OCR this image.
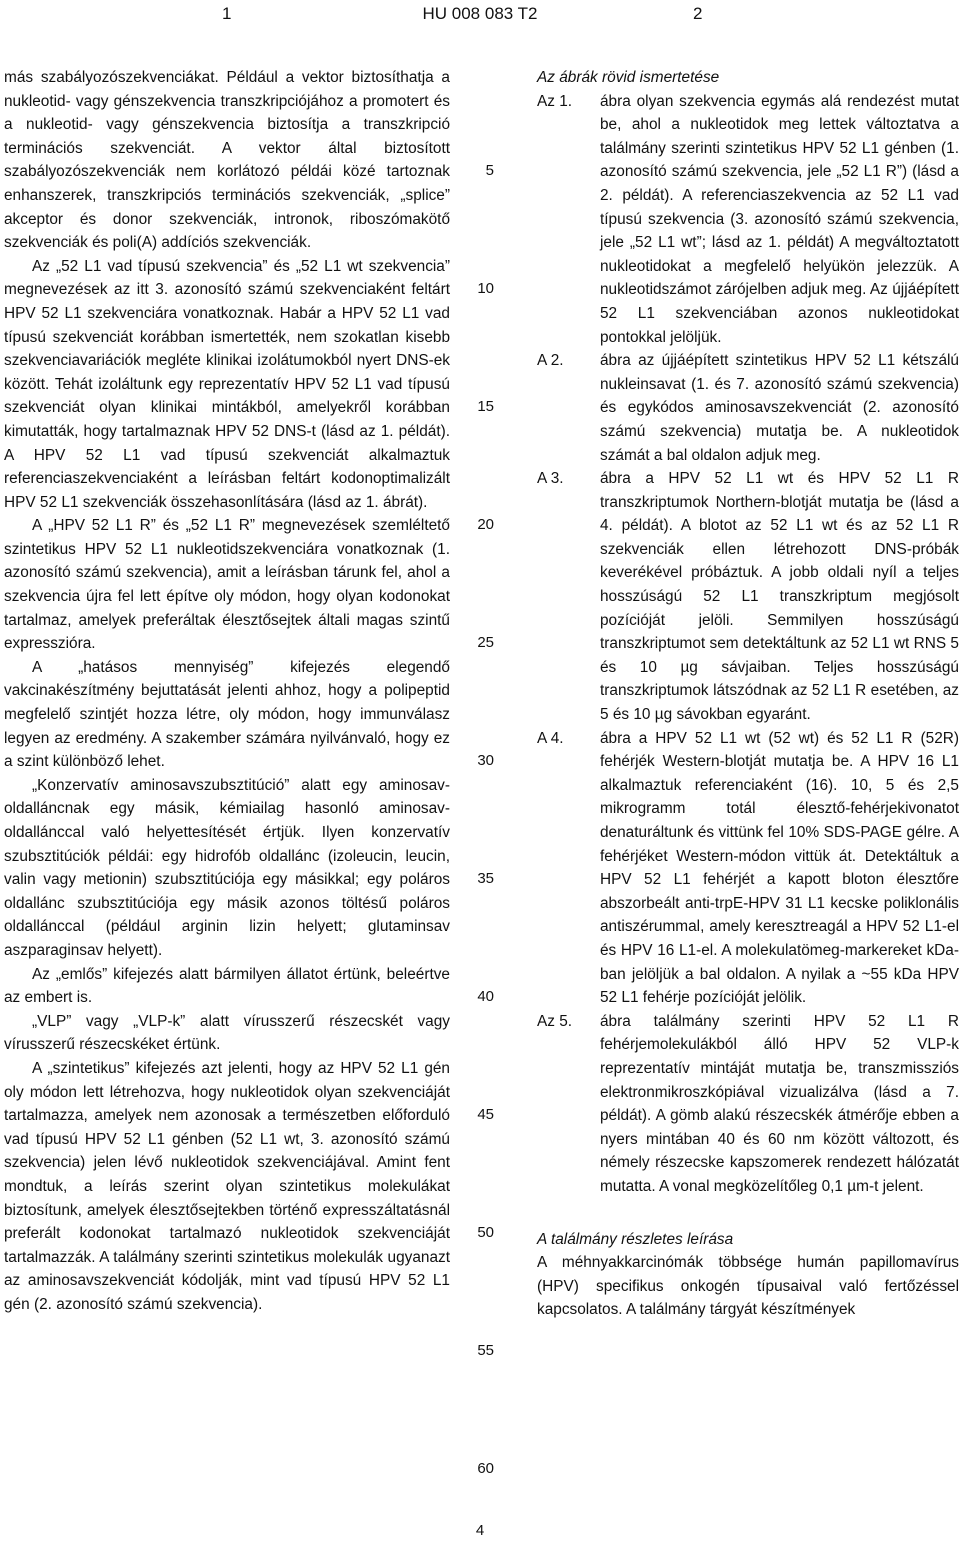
1	HU 008 083 T2	2

más szabályozószekvenciákat. Például a vektor biztosíthatja a nukleotid- vagy génszekvencia transzkripciójához a promotert és a nukleotid- vagy génszekvencia biztosítja a transzkripció terminációs szekvenciát. A vektor által biztosított szabályozószekvenciák nem korlátozó példái közé tartoznak enhanszerek, transzkripciós terminációs szekvenciák, „splice” akceptor és donor szekvenciák, intronok, riboszómakötő szekvenciák és poli(A) addíciós szekvenciák.

Az „52 L1 vad típusú szekvencia” és „52 L1 wt szekvencia” megnevezések az itt 3. azonosító számú szekvenciaként feltárt HPV 52 L1 szekvenciára vonatkoznak. Habár a HPV 52 L1 vad típusú szekvenciát korábban ismertették, nem szokatlan kisebb szekvenciavariációk megléte klinikai izolátumokból nyert DNS-ek között. Tehát izoláltunk egy reprezentatív HPV 52 L1 vad típusú szekvenciát olyan klinikai mintákból, amelyekről korábban kimutatták, hogy tartalmaznak HPV 52 DNS-t (lásd az 1. példát). A HPV 52 L1 vad típusú szekvenciát alkalmaztuk referenciaszekvenciaként a leírásban feltárt kodonoptimalizált HPV 52 L1 szekvenciák összehasonlítására (lásd az 1. ábrát).

A „HPV 52 L1 R” és „52 L1 R” megnevezések szemléltető szintetikus HPV 52 L1 nukleotidszekvenciára vonatkoznak (1. azonosító számú szekvencia), amit a leírásban tárunk fel, ahol a szekvencia újra fel lett építve oly módon, hogy olyan kodonokat tartalmaz, amelyek preferáltak élesztősejtek általi magas szintű expresszióra.

A „hatásos mennyiség” kifejezés elegendő vakcinakészítmény bejuttatását jelenti ahhoz, hogy a polipeptid megfelelő szintjét hozza létre, oly módon, hogy immunválasz legyen az eredmény. A szakember számára nyilvánvaló, hogy ez a szint különböző lehet.

„Konzervatív aminosavszubsztitúció” alatt egy aminosav-oldalláncnak egy másik, kémiailag hasonló aminosav-oldallánccal való helyettesítését értjük. Ilyen konzervatív szubsztitúciók példái: egy hidrofób oldallánc (izoleucin, leucin, valin vagy metionin) szubsztitúciója egy másikkal; egy poláros oldallánc szubsztitúciója egy másik azonos töltésű poláros oldallánccal (például arginin lizin helyett; glutaminsav aszparaginsav helyett).

Az „emlős” kifejezés alatt bármilyen állatot értünk, beleértve az embert is.

„VLP” vagy „VLP-k” alatt vírusszerű részecskét vagy vírusszerű részecskéket értünk.

A „szintetikus” kifejezés azt jelenti, hogy az HPV 52 L1 gén oly módon lett létrehozva, hogy nukleotidok olyan szekvenciáját tartalmazza, amelyek nem azonosak a természetben előforduló vad típusú HPV 52 L1 génben (52 L1 wt, 3. azonosító számú szekvencia) jelen lévő nukleotidok szekvenciájával. Amint fent mondtuk, a leírás szerint olyan szintetikus molekulákat biztosítunk, amelyek élesztősejtekben történő expresszáltatásnál preferált kodonokat tartalmazó nukleotidok szekvenciáját tartalmazzák. A találmány szerinti szintetikus molekulák ugyanazt az aminosavszekvenciát kódolják, mint vad típusú HPV 52 L1 gén (2. azonosító számú szekvencia).

5
10
15
20
25
30
35
40
45
50
55
60

Az ábrák rövid ismertetése

Az 1. ábra olyan szekvencia egymás alá rendezést mutat be, ahol a nukleotidok meg lettek változtatva a találmány szerinti szintetikus HPV 52 L1 génben (1. azonosító számú szekvencia, jele „52 L1 R”) (lásd a 2. példát). A referenciaszekvencia az 52 L1 vad típusú szekvencia (3. azonosító számú szekvencia, jele „52 L1 wt”; lásd az 1. példát) A megváltoztatott nukleotidokat a megfelelő helyükön jelezzük. A nukleotidszámot zárójelben adjuk meg. Az újjáépített 52 L1 szekvenciában azonos nukleotidokat pontokkal jelöljük.

A 2. ábra az újjáépített szintetikus HPV 52 L1 kétszálú nukleinsavat (1. és 7. azonosító számú szekvencia) és egykódos aminosavszekvenciát (2. azonosító számú szekvencia) mutatja be. A nukleotidok számát a bal oldalon adjuk meg.

A 3. ábra a HPV 52 L1 wt és HPV 52 L1 R transzkriptumok Northern-blotját mutatja be (lásd a 4. példát). A blotot az 52 L1 wt és az 52 L1 R szekvenciák ellen létrehozott DNS-próbák keverékével próbáztuk. A jobb oldali nyíl a teljes hosszúságú 52 L1 transzkriptum megjósolt pozícióját jelöli. Semmilyen hosszúságú transzkriptumot sem detektáltunk az 52 L1 wt RNS 5 és 10 µg sávjaiban. Teljes hosszúságú transzkriptumok látszódnak az 52 L1 R esetében, az 5 és 10 µg sávokban egyaránt.

A 4. ábra a HPV 52 L1 wt (52 wt) és 52 L1 R (52R) fehérjék Western-blotját mutatja be. A HPV 16 L1 alkalmaztuk referenciaként (16). 10, 5 és 2,5 mikrogramm totál élesztő-fehérjekivonatot denaturáltunk és vittünk fel 10% SDS-PAGE gélre. A fehérjéket Western-módon vittük át. Detektáltuk a HPV 52 L1 fehérjét a kapott bloton élesztőre abszorbeált anti-trpE-HPV 31 L1 kecske poliklonális antiszérummal, amely keresztreagál a HPV 52 L1-el és HPV 16 L1-el. A molekulatömeg-markereket kDa-ban jelöljük a bal oldalon. A nyilak a ~55 kDa HPV 52 L1 fehérje pozícióját jelölik.

Az 5. ábra találmány szerinti HPV 52 L1 R fehérjemolekulákból álló HPV 52 VLP-k reprezentatív mintáját mutatja be, transzmissziós elektronmikroszkópiával vizualizálva (lásd a 7. példát). A gömb alakú részecskék átmérője ebben a nyers mintában 40 és 60 nm között változott, és némely részecske kapszomerek rendezett hálózatát mutatta. A vonal megközelítőleg 0,1 µm-t jelent.

A találmány részletes leírása

A méhnyakkarcinómák többsége humán papillomavírus (HPV) specifikus onkogén típusaival való fertőzéssel kapcsolatos. A találmány tárgyát készítmények

4
